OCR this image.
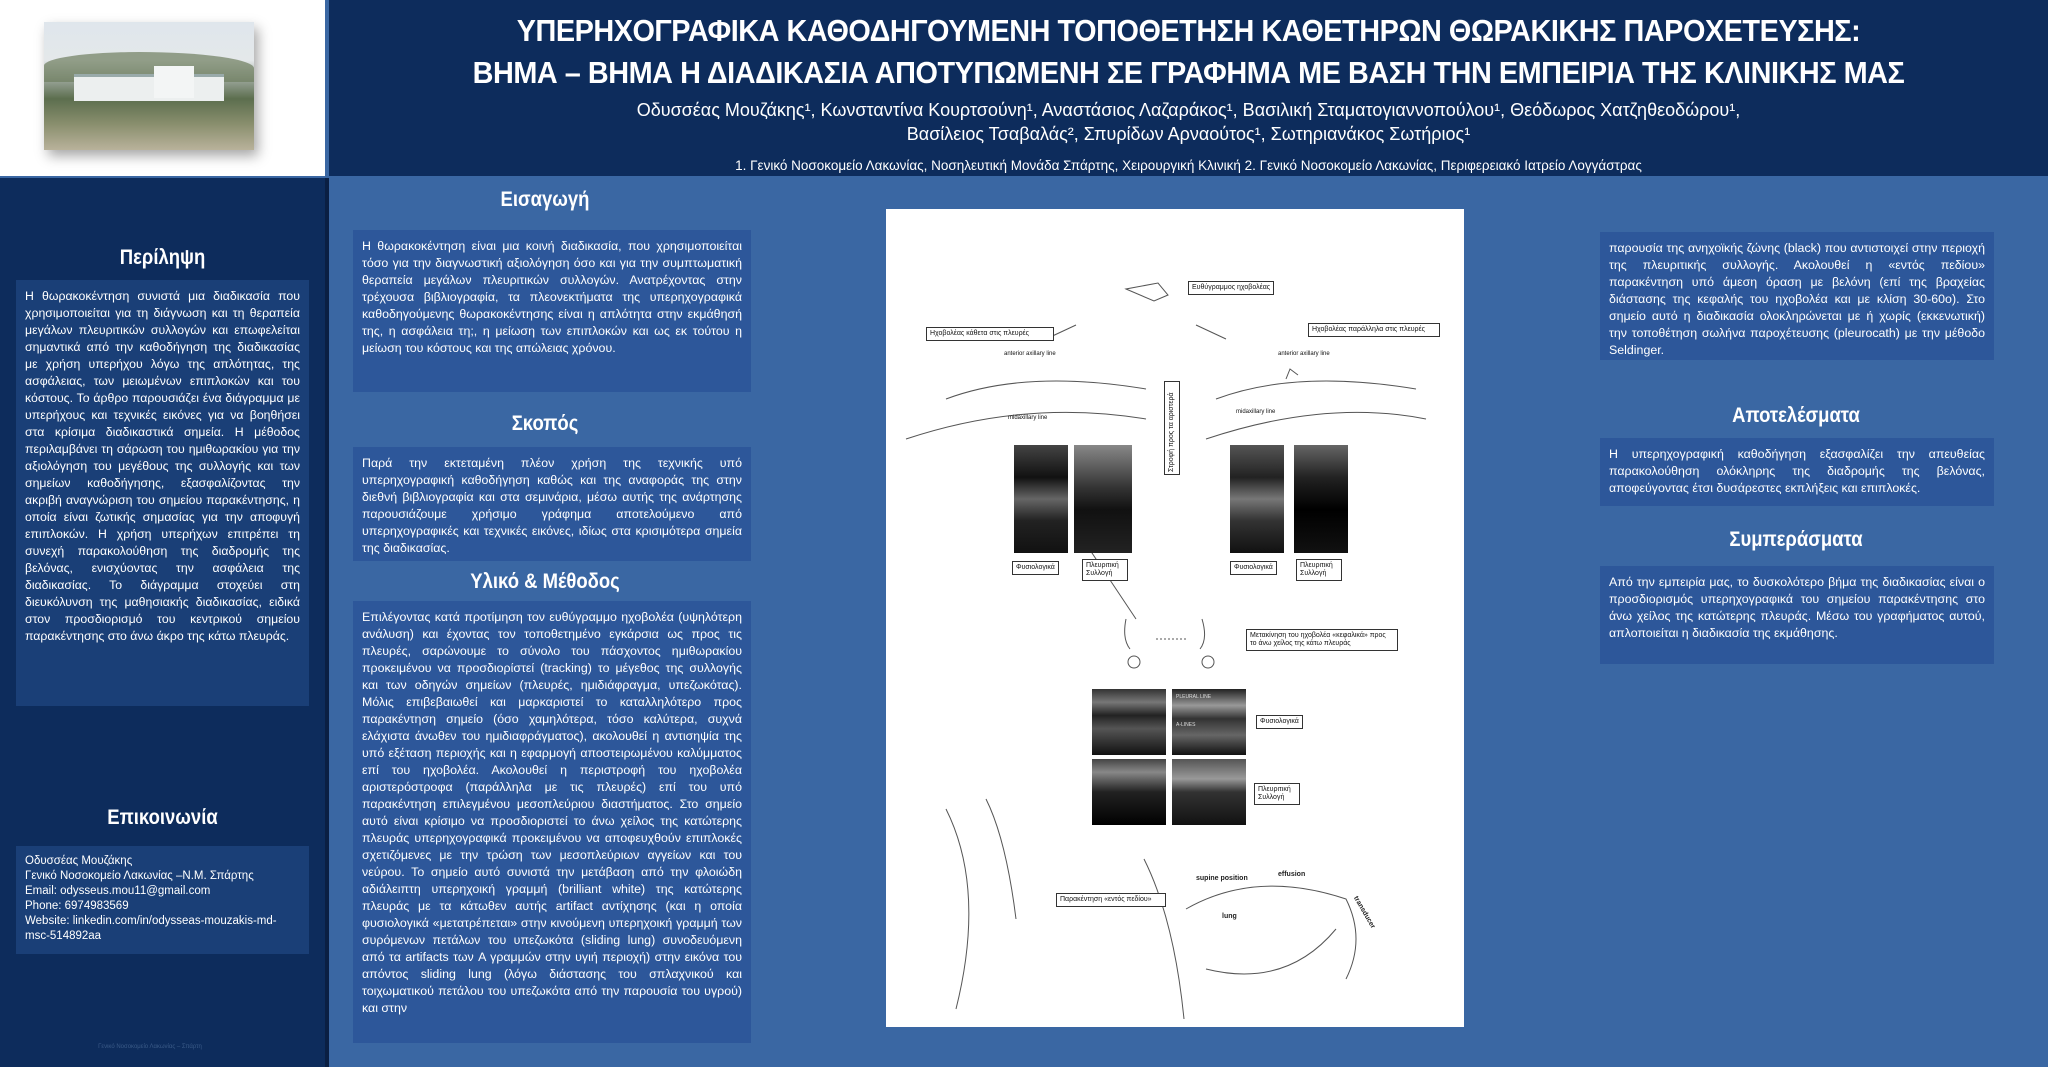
ΥΠΕΡΗΧΟΓΡΑΦΙΚΑ ΚΑΘΟΔΗΓΟΥΜΕΝΗ ΤΟΠΟΘΕΤΗΣΗ ΚΑΘΕΤΗΡΩΝ ΘΩΡΑΚΙΚΗΣ ΠΑΡΟΧΕΤΕΥΣΗΣ:
ΒΗΜΑ – ΒΗΜΑ Η ΔΙΑΔΙΚΑΣΙΑ ΑΠΟΤΥΠΩΜΕΝΗ ΣΕ ΓΡΑΦΗΜΑ ΜΕ ΒΑΣΗ ΤΗΝ ΕΜΠΕΙΡΙΑ ΤΗΣ ΚΛΙΝΙΚΗΣ ΜΑΣ
Οδυσσέας Μουζάκης¹, Κωνσταντίνα Κουρτσούνη¹, Αναστάσιος Λαζαράκος¹, Βασιλική Σταματογιαννοπούλου¹, Θεόδωρος Χατζηθεοδώρου¹,
Βασίλειος Τσαβαλάς², Σπυρίδων Αρναούτος¹, Σωτηριανάκος Σωτήριος¹
1. Γενικό Νοσοκομείο Λακωνίας, Νοσηλευτική Μονάδα Σπάρτης, Χειρουργική Κλινική 2. Γενικό Νοσοκομείο Λακωνίας, Περιφερειακό Ιατρείο Λογγάστρας
Περίληψη
Η θωρακοκέντηση συνιστά μια διαδικασία που χρησιμοποιείται για τη διάγνωση και τη θεραπεία μεγάλων πλευριτικών συλλογών και επωφελείται σημαντικά από την καθοδήγηση της διαδικασίας με χρήση υπερήχου λόγω της απλότητας, της ασφάλειας, των μειωμένων επιπλοκών και του κόστους. Το άρθρο παρουσιάζει ένα διάγραμμα με υπερήχους και τεχνικές εικόνες για να βοηθήσει στα κρίσιμα διαδικαστικά σημεία. Η μέθοδος περιλαμβάνει τη σάρωση του ημιθωρακίου για την αξιολόγηση του μεγέθους της συλλογής και των σημείων καθοδήγησης, εξασφαλίζοντας την ακριβή αναγνώριση του σημείου παρακέντησης, η οποία είναι ζωτικής σημασίας για την αποφυγή επιπλοκών. Η χρήση υπερήχων επιτρέπει τη συνεχή παρακολούθηση της διαδρομής της βελόνας, ενισχύοντας την ασφάλεια της διαδικασίας. Το διάγραμμα στοχεύει στη διευκόλυνση της μαθησιακής διαδικασίας, ειδικά στον προσδιορισμό του κεντρικού σημείου παρακέντησης στο άνω άκρο της κάτω πλευράς.
Επικοινωνία
Οδυσσέας Μουζάκης
Γενικό Νοσοκομείο Λακωνίας –Ν.Μ. Σπάρτης
Email: odysseus.mou11@gmail.com
Phone: 6974983569
Website: linkedin.com/in/odysseas-mouzakis-md-msc-514892aa
Γενικό Νοσοκομείο Λακωνίας – Σπάρτη
Εισαγωγή
Η θωρακοκέντηση είναι μια κοινή διαδικασία, που χρησιμοποιείται τόσο για την διαγνωστική αξιολόγηση όσο και για την συμπτωματική θεραπεία μεγάλων πλευριτικών συλλογών. Ανατρέχοντας στην τρέχουσα βιβλιογραφία, τα πλεονεκτήματα της υπερηχογραφικά καθοδηγούμενης θωρακοκέντησης είναι η απλότητα στην εκμάθησή της, η ασφάλεια τη;, η μείωση των επιπλοκών και ως εκ τούτου η μείωση του κόστους και της απώλειας χρόνου.
Σκοπός
Παρά την εκτεταμένη πλέον χρήση της τεχνικής υπό υπερηχογραφική καθοδήγηση καθώς και της αναφοράς της στην διεθνή βιβλιογραφία και στα σεμινάρια, μέσω αυτής της ανάρτησης παρουσιάζουμε χρήσιμο γράφημα αποτελούμενο από υπερηχογραφικές και τεχνικές εικόνες, ιδίως στα κρισιμότερα σημεία της διαδικασίας.
Υλικό & Μέθοδος
Επιλέγοντας κατά προτίμηση τον ευθύγραμμο ηχοβολέα (υψηλότερη ανάλυση) και έχοντας τον τοποθετημένο εγκάρσια ως προς τις πλευρές, σαρώνουμε το σύνολο του πάσχοντος ημιθωρακίου προκειμένου να προσδιορίστεί (tracking) το μέγεθος της συλλογής και των οδηγών σημείων (πλευρές, ημιδιάφραγμα, υπεζωκότας). Μόλις επιβεβαιωθεί και μαρκαριστεί το καταλληλότερο προς παρακέντηση σημείο (όσο χαμηλότερα, τόσο καλύτερα, συχνά ελάχιστα άνωθεν του ημιδιαφράγματος), ακολουθεί η αντισηψία της υπό εξέταση περιοχής και η εφαρμογή αποστειρωμένου καλύμματος επί του ηχοβολέα. Ακολουθεί η περιστροφή του ηχοβολέα αριστερόστροφα (παράλληλα με τις πλευρές) επί του υπό παρακέντηση επιλεγμένου μεσοπλεύριου διαστήματος. Στο σημείο αυτό είναι κρίσιμο να προσδιοριστεί το άνω χείλος της κατώτερης πλευράς υπερηχογραφικά προκειμένου να αποφευχθούν επιπλοκές σχετιζόμενες με την τρώση των μεσοπλεύριων αγγείων και του νεύρου. Το σημείο αυτό συνιστά την μετάβαση από την φλοιώδη αδιάλειπτη υπερηχοική γραμμή (brilliant white) της κατώτερης πλευράς με τα κάτωθεν αυτής artifact αντίχησης (και η οποία φυσιολογικά «μετατρέπεται» στην κινούμενη υπερηχοική γραμμή των συρόμενων πετάλων του υπεζωκότα (sliding lung) συνοδευόμενη από τα artifacts των A γραμμών στην υγιή περιοχή) στην εικόνα του απόντος sliding lung (λόγω διάστασης του σπλαχνικού και τοιχωματικού πετάλου του υπεζωκότα από την παρουσία του υγρού) και στην
Ευθύγραμμος ηχοβολέας
Ηχοβολέας κάθετα στις πλευρές
Ηχοβολέας παράλληλα στις πλευρές
anterior axillary line
midaxillary line
anterior axillary line
midaxillary line
Στροφή προς τα αριστερά
Φυσιολογικά	Πλευριτική Συλλογή
Φυσιολογικά	Πλευριτική Συλλογή
Μετακίνηση του ηχοβολέα «κεφαλικά» προς το άνω χείλος της κάτω πλευράς
PLEURAL LINE
A-LINES	Φυσιολογικά
Πλευριτική Συλλογή
Παρακέντηση «εντός πεδίου»
supine position
effusion
lung	transducer
παρουσία της ανηχοϊκής ζώνης (black) που αντιστοιχεί στην περιοχή της πλευριτικής συλλογής. Ακολουθεί η «εντός πεδίου» παρακέντηση υπό άμεση όραση με βελόνη (επί της βραχείας διάστασης της κεφαλής του ηχοβολέα και με κλίση 30-60ο). Στο σημείο αυτό η διαδικασία ολοκληρώνεται με ή χωρίς (εκκενωτική) την τοποθέτηση σωλήνα παροχέτευσης (pleurocath) με την μέθοδο Seldinger.
Αποτελέσματα
Η υπερηχογραφική καθοδήγηση εξασφαλίζει την απευθείας παρακολούθηση ολόκληρης της διαδρομής της βελόνας, αποφεύγοντας έτσι δυσάρεστες εκπλήξεις και επιπλοκές.
Συμπεράσματα
Από την εμπειρία μας, το δυσκολότερο βήμα της διαδικασίας είναι ο προσδιορισμός υπερηχογραφικά του σημείου παρακέντησης στο άνω χείλος της κατώτερης πλευράς. Μέσω του γραφήματος αυτού, απλοποιείται η διαδικασία της εκμάθησης.
